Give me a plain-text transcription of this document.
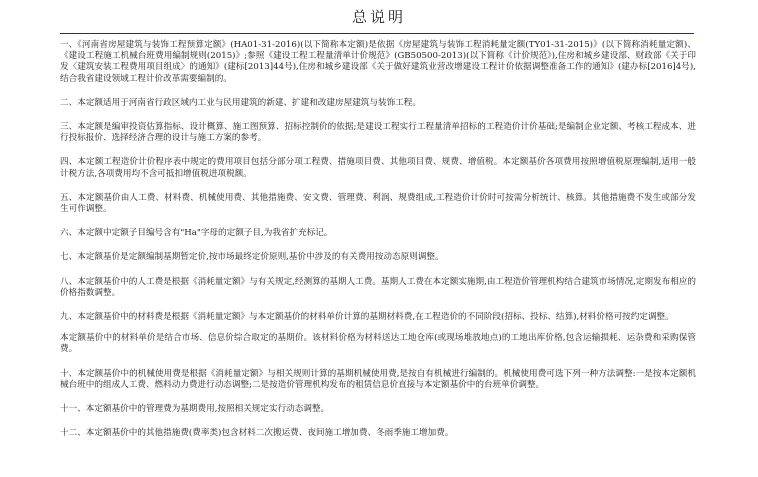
总说明

一、《河南省房屋建筑与装饰工程预算定额》(HA01-31-2016)(以下简称本定额)是依据《房屋建筑与装饰工程消耗量定额(TY01-31-2015)》(以下简称消耗量定额)、《建设工程施工机械台班费用编制规则(2015)》;参照《建设工程工程量清单计价规范》(GB50500-2013)(以下简称《计价规范》),住房和城乡建设部、财政部《关于印发〈建筑安装工程费用项目组成〉的通知》(建标[2013]44号),住房和城乡建设部《关于做好建筑业营改增建设工程计价依据调整准备工作的通知》(建办标[2016]4号),结合我省建设领域工程计价改革需要编制的。

二、本定额适用于河南省行政区域内工业与民用建筑的新建、扩建和改建房屋建筑与装饰工程。

三、本定额是编审投资估算指标、设计概算、施工图预算、招标控制价的依据;是建设工程实行工程量清单招标的工程造价计价基础;是编制企业定额、考核工程成本、进行投标报价、选择经济合理的设计与施工方案的参考。

四、本定额工程造价计价程序表中规定的费用项目包括分部分项工程费、措施项目费、其他项目费、规费、增值税。本定额基价各项费用按照增值税原理编制,适用一般计税方法,各项费用均不含可抵扣增值税进项税额。

五、本定额基价由人工费、材料费、机械使用费、其他措施费、安文费、管理费、利润、规费组成,工程造价计价时可按需分析统计、核算。其他措施费不发生或部分发生可作调整。

六、本定额中定额子目编号含有"Ha"字母的定额子目,为我省扩充标记。

七、本定额基价是定额编制基期暂定价,按市场最终定价原则,基价中涉及的有关费用按动态原则调整。

八、本定额基价中的人工费是根据《消耗量定额》与有关规定,经测算的基期人工费。基期人工费在本定额实施期,由工程造价管理机构结合建筑市场情况,定期发布相应的价格指数调整。

九、本定额基价中的材料费是根据《消耗量定额》与本定额基价的材料单价计算的基期材料费,在工程造价的不同阶段(招标、投标、结算),材料价格可按约定调整。

本定额基价中的材料单价是结合市场、信息价综合取定的基期价。该材料价格为材料送达工地仓库(或现场堆放地点)的工地出库价格,包含运输损耗、运杂费和采购保管费。

十、本定额基价中的机械使用费是根据《消耗量定额》与相关规则计算的基期机械使用费,是按自有机械进行编制的。机械使用费可选下列一种方法调整:一是按本定额机械台班中的组成人工费、燃料动力费进行动态调整;二是按造价管理机构发布的租赁信息价直接与本定额基价中的台班单价调整。

十一、本定额基价中的管理费为基期费用,按照相关规定实行动态调整。

十二、本定额基价中的其他措施费(费率类)包含材料二次搬运费、夜间施工增加费、冬雨季施工增加费。
